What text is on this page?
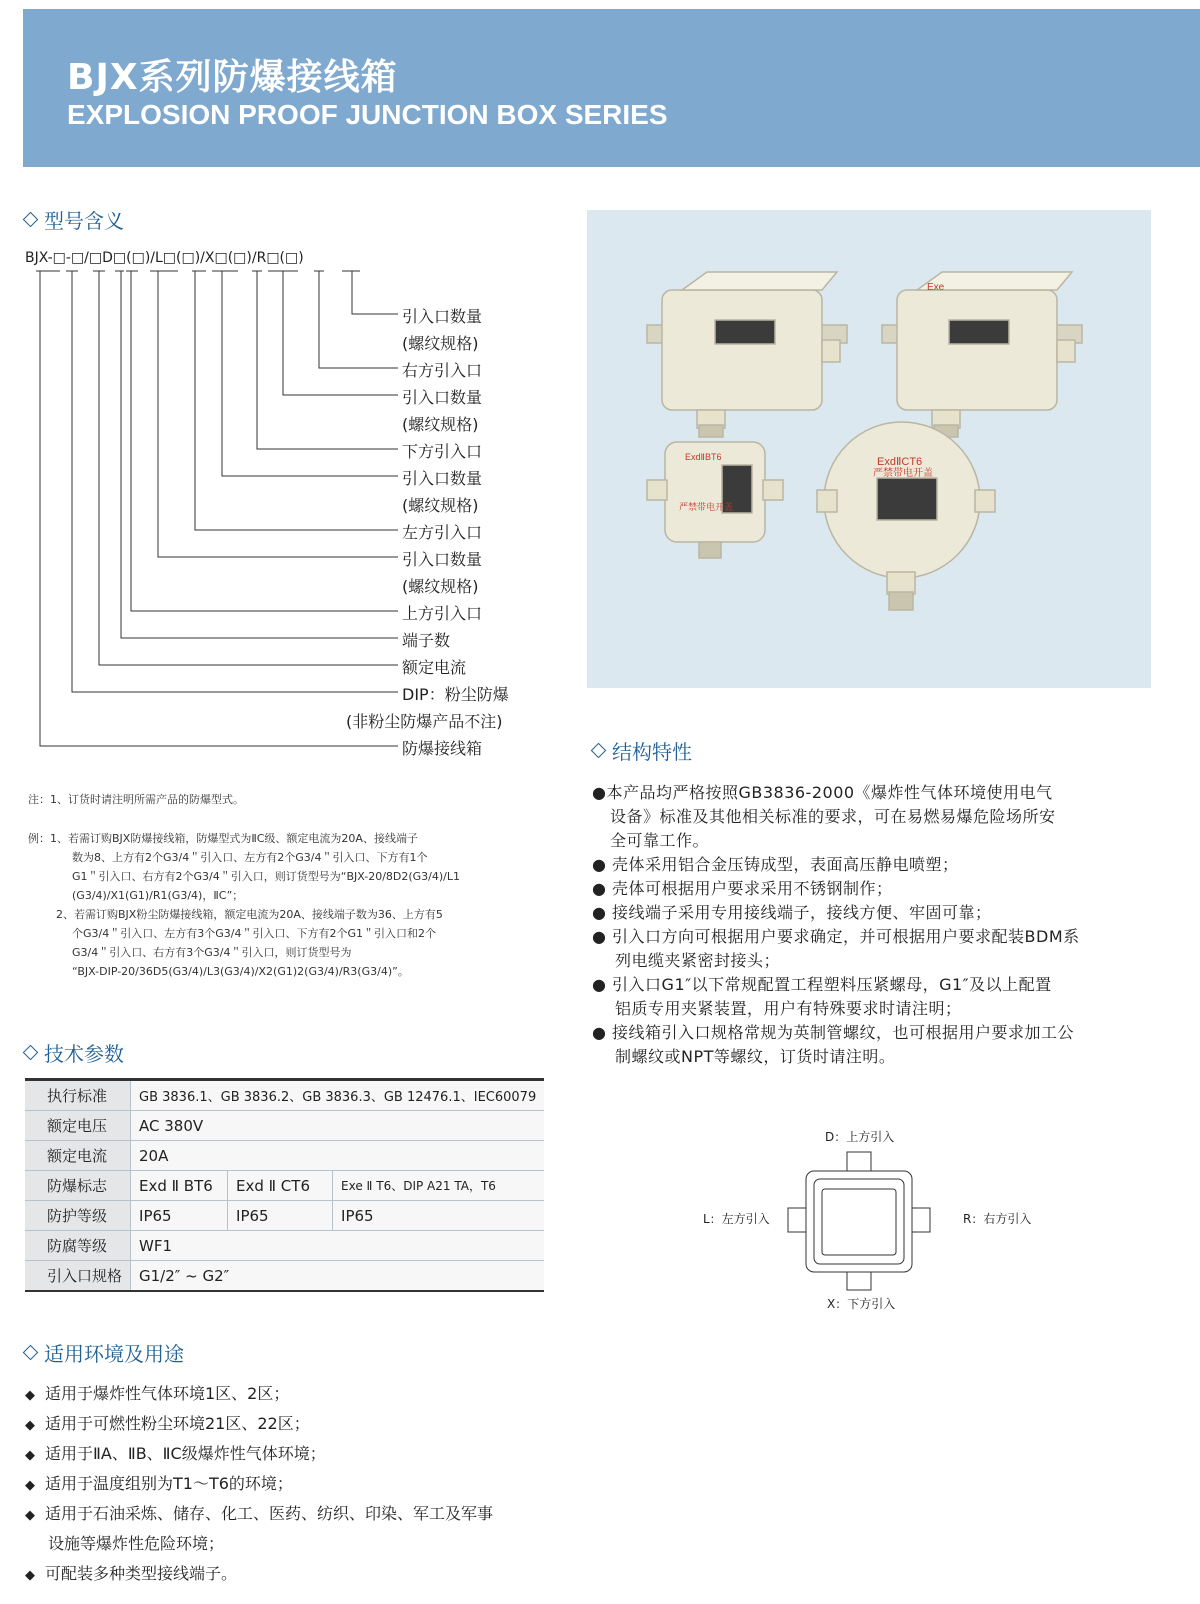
BJX系列防爆接线箱
EXPLOSION PROOF JUNCTION BOX SERIES
型号含义
BJX-□-□/□D□(□)/L□(□)/X□(□)/R□(□)
引入口数量
(螺纹规格)
右方引入口
引入口数量
(螺纹规格)
下方引入口
引入口数量
(螺纹规格)
左方引入口
引入口数量
(螺纹规格)
上方引入口
端子数
额定电流
DIP：粉尘防爆
(非粉尘防爆产品不注)
防爆接线箱
注：1、订货时请注明所需产品的防爆型式。
例：1、若需订购BJX防爆接线箱，防爆型式为ⅡC级、额定电流为20A、接线端子
数为8、上方有2个G3/4＂引入口、左方有2个G3/4＂引入口、下方有1个
G1＂引入口、右方有2个G3/4＂引入口，则订货型号为“BJX-20/8D2(G3/4)/L1
(G3/4)/X1(G1)/R1(G3/4)，ⅡC”；
2、若需订购BJX粉尘防爆接线箱，额定电流为20A、接线端子数为36、上方有5
个G3/4＂引入口、左方有3个G3/4＂引入口、下方有2个G1＂引入口和2个
G3/4＂引入口、右方有3个G3/4＂引入口，则订货型号为
“BJX-DIP-20/36D5(G3/4)/L3(G3/4)/X2(G1)2(G3/4)/R3(G3/4)”。
技术参数
执行标准	GB 3836.1、GB 3836.2、GB 3836.3、GB 12476.1、IEC60079		
额定电压	AC 380V		
额定电流	20A		
防爆标志	Exd Ⅱ BT6	Exd Ⅱ CT6	Exe Ⅱ T6、DIP A21 TA，T6
防护等级	IP65	IP65	IP65
防腐等级	WF1		
引入口规格	G1/2″ ~ G2″		
适用环境及用途
◆ 适用于爆炸性气体环境1区、2区；
◆ 适用于可燃性粉尘环境21区、22区；
◆ 适用于ⅡA、ⅡB、ⅡC级爆炸性气体环境；
◆ 适用于温度组别为T1～T6的环境；
◆ 适用于石油采炼、储存、化工、医药、纺织、印染、军工及军事
设施等爆炸性危险环境；
◆ 可配装多种类型接线端子。
Exe
ExdⅡBT6	ExdⅡCT6
严禁带电开盖
严禁带电开盖
结构特性
●本产品均严格按照GB3836-2000《爆炸性气体环境使用电气
设备》标准及其他相关标准的要求，可在易燃易爆危险场所安
全可靠工作。
● 壳体采用铝合金压铸成型，表面高压静电喷塑；
● 壳体可根据用户要求采用不锈钢制作；
● 接线端子采用专用接线端子，接线方便、牢固可靠；
● 引入口方向可根据用户要求确定，并可根据用户要求配装BDM系
列电缆夹紧密封接头；
● 引入口G1″以下常规配置工程塑料压紧螺母，G1″及以上配置
铝质专用夹紧装置，用户有特殊要求时请注明；
● 接线箱引入口规格常规为英制管螺纹，也可根据用户要求加工公
制螺纹或NPT等螺纹，订货时请注明。
D：上方引入
L：左方引入	R：右方引入
X：下方引入
